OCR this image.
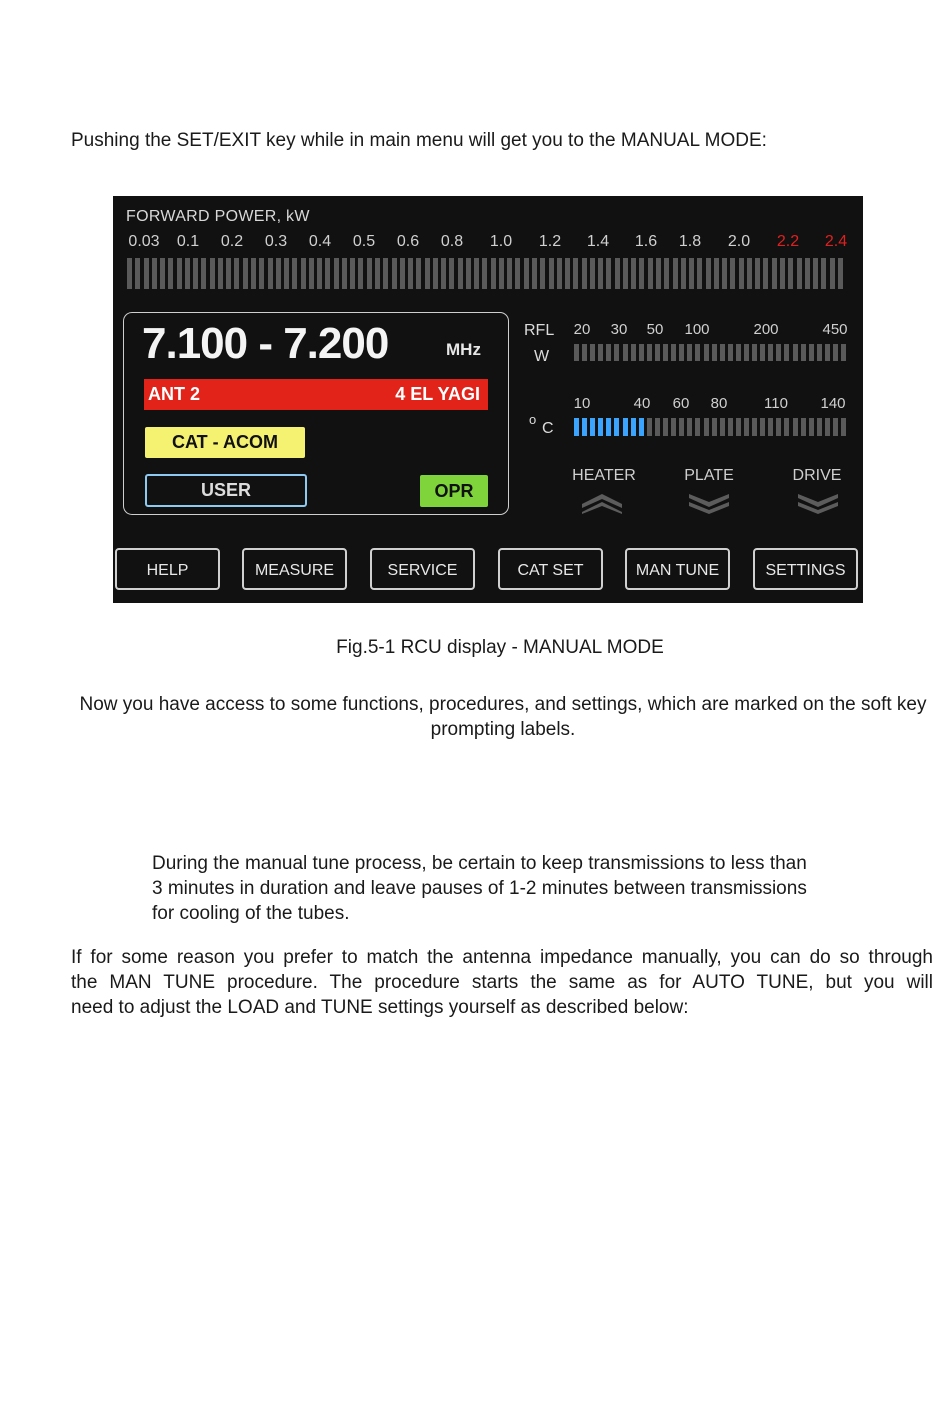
Pushing the SET/EXIT key while in main menu will get you to the MANUAL MODE:

FORWARD POWER, kW
0.03 0.1 0.2 0.3 0.4 0.5 0.6 0.8 1.0 1.2 1.4 1.6 1.8 2.0 2.2 2.4
7.100 - 7.200	MHz
ANT 2	4 EL YAGI
CAT - ACOM
USER	OPR
RFL
W
20 30 50 100	200	450
o
C
10	40 60 80 110 140
HEATER	PLATE	DRIVE
HELP	MEASURE	SERVICE	CAT SET	MAN TUNE	SETTINGS
Fig.5-1 RCU display - MANUAL MODE

Now you have access to some functions, procedures, and settings, which are marked on the soft key prompting labels.

During the manual tune process, be certain to keep transmissions to less than
3 minutes in duration and leave pauses of 1-2 minutes between transmissions
for cooling of the tubes.

If for some reason you prefer to match the antenna impedance manually, you can do so through
the MAN TUNE procedure. The procedure starts the same as for AUTO TUNE, but you will
need to adjust the LOAD and TUNE settings yourself as described below:
